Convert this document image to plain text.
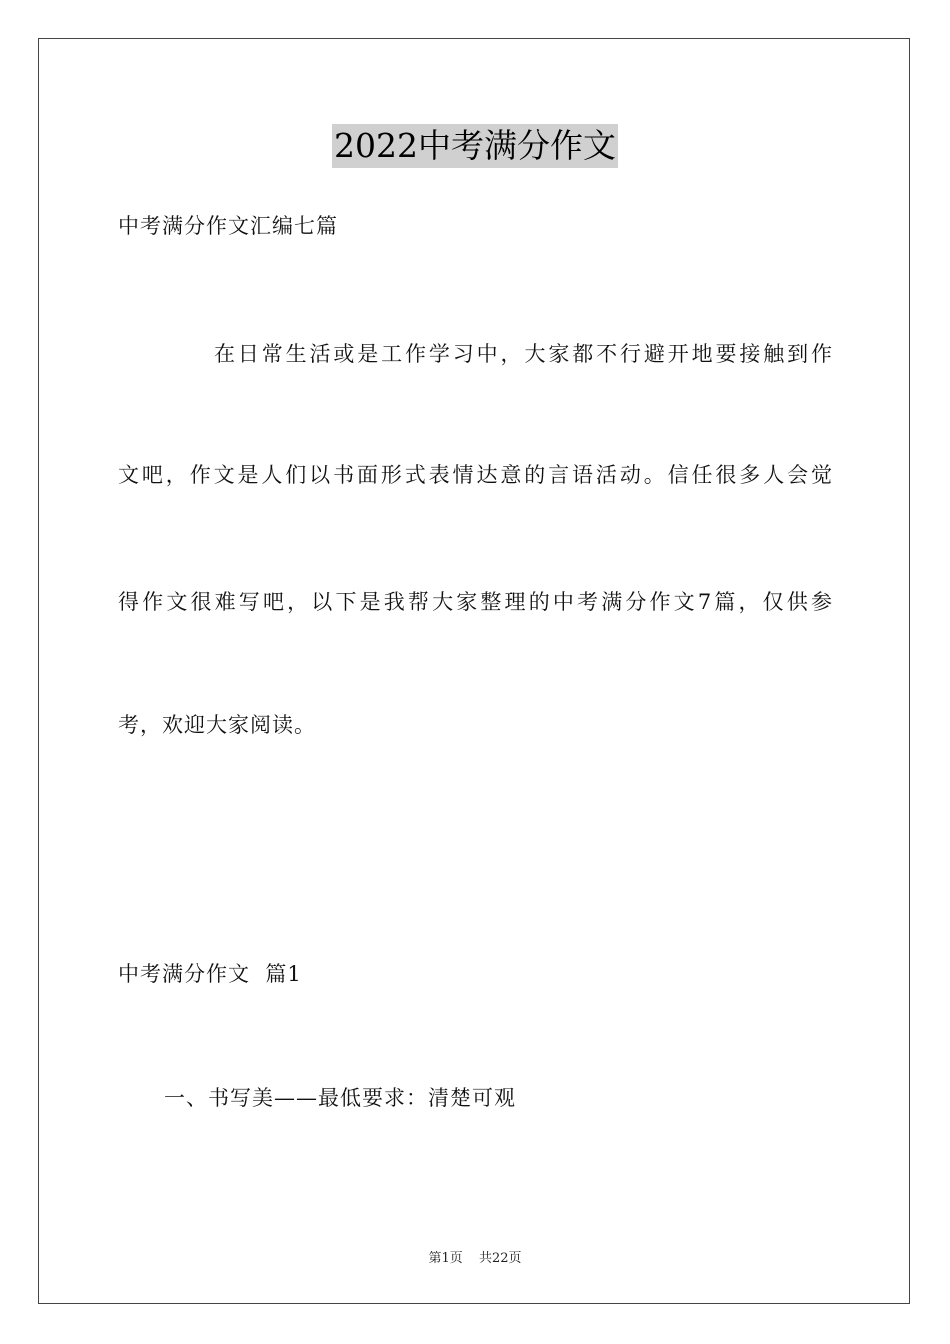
2022中考满分作文
中考满分作文汇编七篇
在日常生活或是工作学习中，大家都不行避开地要接触到作
文吧，作文是人们以书面形式表情达意的言语活动。信任很多人会觉
得作文很难写吧，以下是我帮大家整理的中考满分作文7篇，仅供参
考，欢迎大家阅读。
中考满分作文  篇1
一、书写美——最低要求：清楚可观
第1页 共22页
